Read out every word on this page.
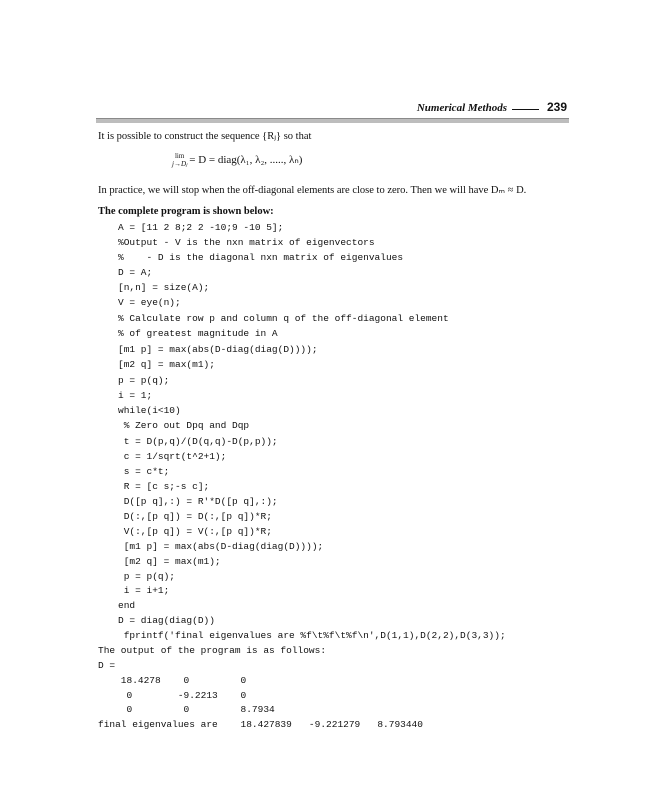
Numerical Methods	239
It is possible to construct the sequence {Rⱼ} so that
lim
j→Dⱼ = D = diag(λ₁, λ₂, ....., λₙ)
In practice, we will stop when the off-diagonal elements are close to zero. Then we will have Dₘ ≈ D.
The complete program is shown below:
A = [11 2 8;2 2 -10;9 -10 5];
%Output - V is the nxn matrix of eigenvectors
%    - D is the diagonal nxn matrix of eigenvalues
D = A;
[n,n] = size(A);
V = eye(n);
% Calculate row p and column q of the off-diagonal element
% of greatest magnitude in A
[m1 p] = max(abs(D-diag(diag(D))));
[m2 q] = max(m1);
p = p(q);
i = 1;
while(i<10)
% Zero out Dpq and Dqp
t = D(p,q)/(D(q,q)-D(p,p));
c = 1/sqrt(t^2+1);
s = c*t;
R = [c s;-s c];
D([p q],:) = R'*D([p q],:);
D(:,[p q]) = D(:,[p q])*R;
V(:,[p q]) = V(:,[p q])*R;
[m1 p] = max(abs(D-diag(diag(D))));
[m2 q] = max(m1);
p = p(q);
i = i+1;
end
D = diag(diag(D))
fprintf('final eigenvalues are %f\t%f\t%f\n',D(1,1),D(2,2),D(3,3));
The output of the program is as follows:
D =
18.4278    0         0
0        -9.2213    0
0         0         8.7934
final eigenvalues are    18.427839   -9.221279   8.793440
